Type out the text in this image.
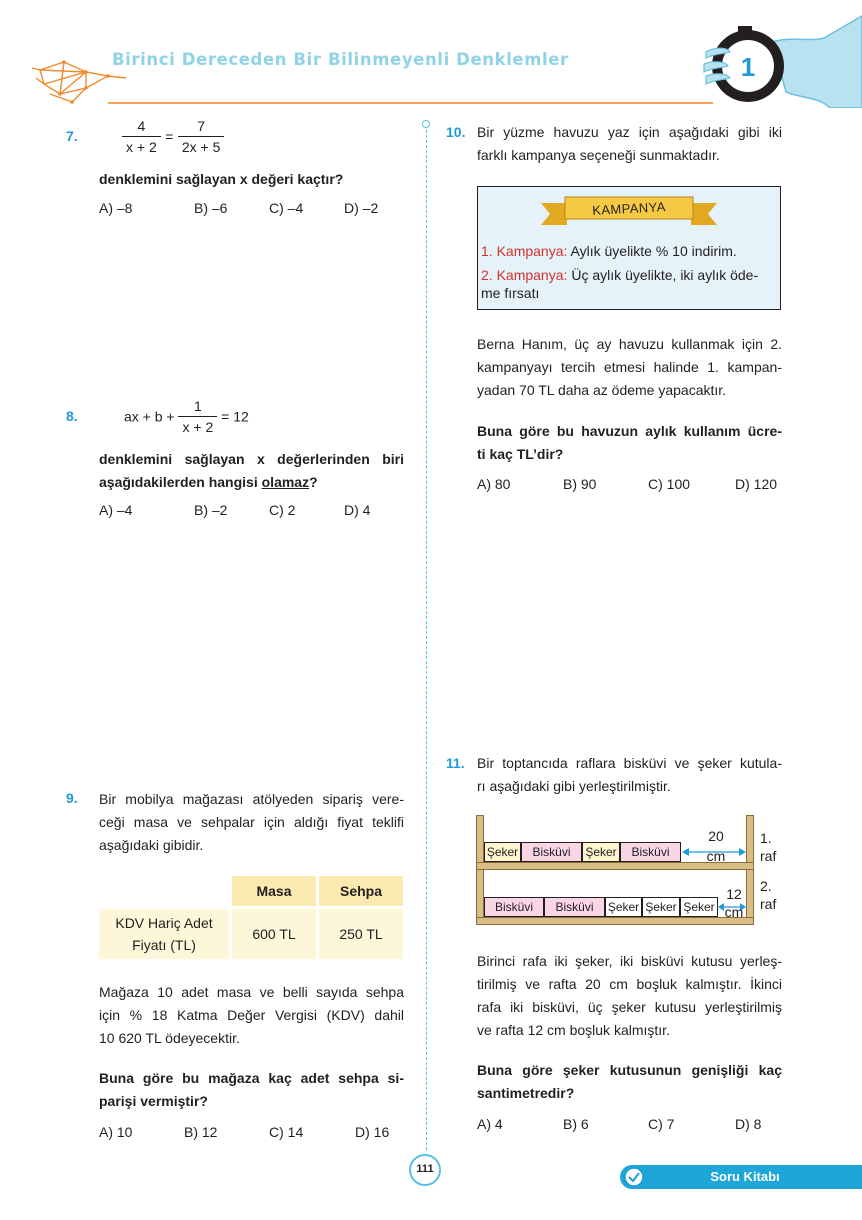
Birinci Dereceden Bir Bilinmeyenli Denklemler	1
7.	$\frac{4}{x + 2} = \frac{7}{2x + 5}$
denklemini sağlayan x değeri kaçtır?
A) –8	B) –6	C) –4	D) –2
8.	ax + $b + \frac{1}{x + 2} = 12$
denklemini sağlayan x değerlerinden biri
aşağıdakilerden hangisi olamaz?
A) –4	B) –2	C) 2	D) 4
9. Bir mobilya mağazası atölyeden sipariş vere-
ceği masa ve sehpalar için aldığı fiyat teklifi
aşağıdaki gibidir.
	Masa	Sehpa

KDV Hariç Adet
Fiyatı (TL)	600 TL	250 TL
Mağaza 10 adet masa ve belli sayıda sehpa
için % 18 Katma Değer Vergisi (KDV) dahil
10 620 TL ödeyecektir.
Buna göre bu mağaza kaç adet sehpa si-
parişi vermiştir?
A) 10	B) 12	C) 14	D) 16
10. Bir yüzme havuzu yaz için aşağıdaki gibi iki
farklı kampanya seçeneği sunmaktadır.
KAMPANYA
1. Kampanya: Aylık üyelikte % 10 indirim.
2. Kampanya: Üç aylık üyelikte, iki aylık öde-
me fırsatı
Berna Hanım, üç ay havuzu kullanmak için 2.
kampanyayı tercih etmesi halinde 1. kampan-
yadan 70 TL daha az ödeme yapacaktır.
Buna göre bu havuzun aylık kullanım ücre-
ti kaç TL’dir?
A) 80	B) 90	C) 100	D) 120
11. Bir toptancıda raflara bisküvi ve şeker kutula-
rı aşağıdaki gibi yerleştirilmiştir.
Şeker	Bisküvi	Şeker	Bisküvi
20
cm
1.
raf
Bisküvi	Bisküvi	Şeker Şeker Şeker
12
cm
2.
raf
Birinci rafa iki şeker, iki bisküvi kutusu yerleş-
tirilmiş ve rafta 20 cm boşluk kalmıştır. İkinci
rafa iki bisküvi, üç şeker kutusu yerleştirilmiş
ve rafta 12 cm boşluk kalmıştır.
Buna göre şeker kutusunun genişliği kaç
santimetredir?
A) 4	B) 6	C) 7	D) 8
111	Soru Kitabı
